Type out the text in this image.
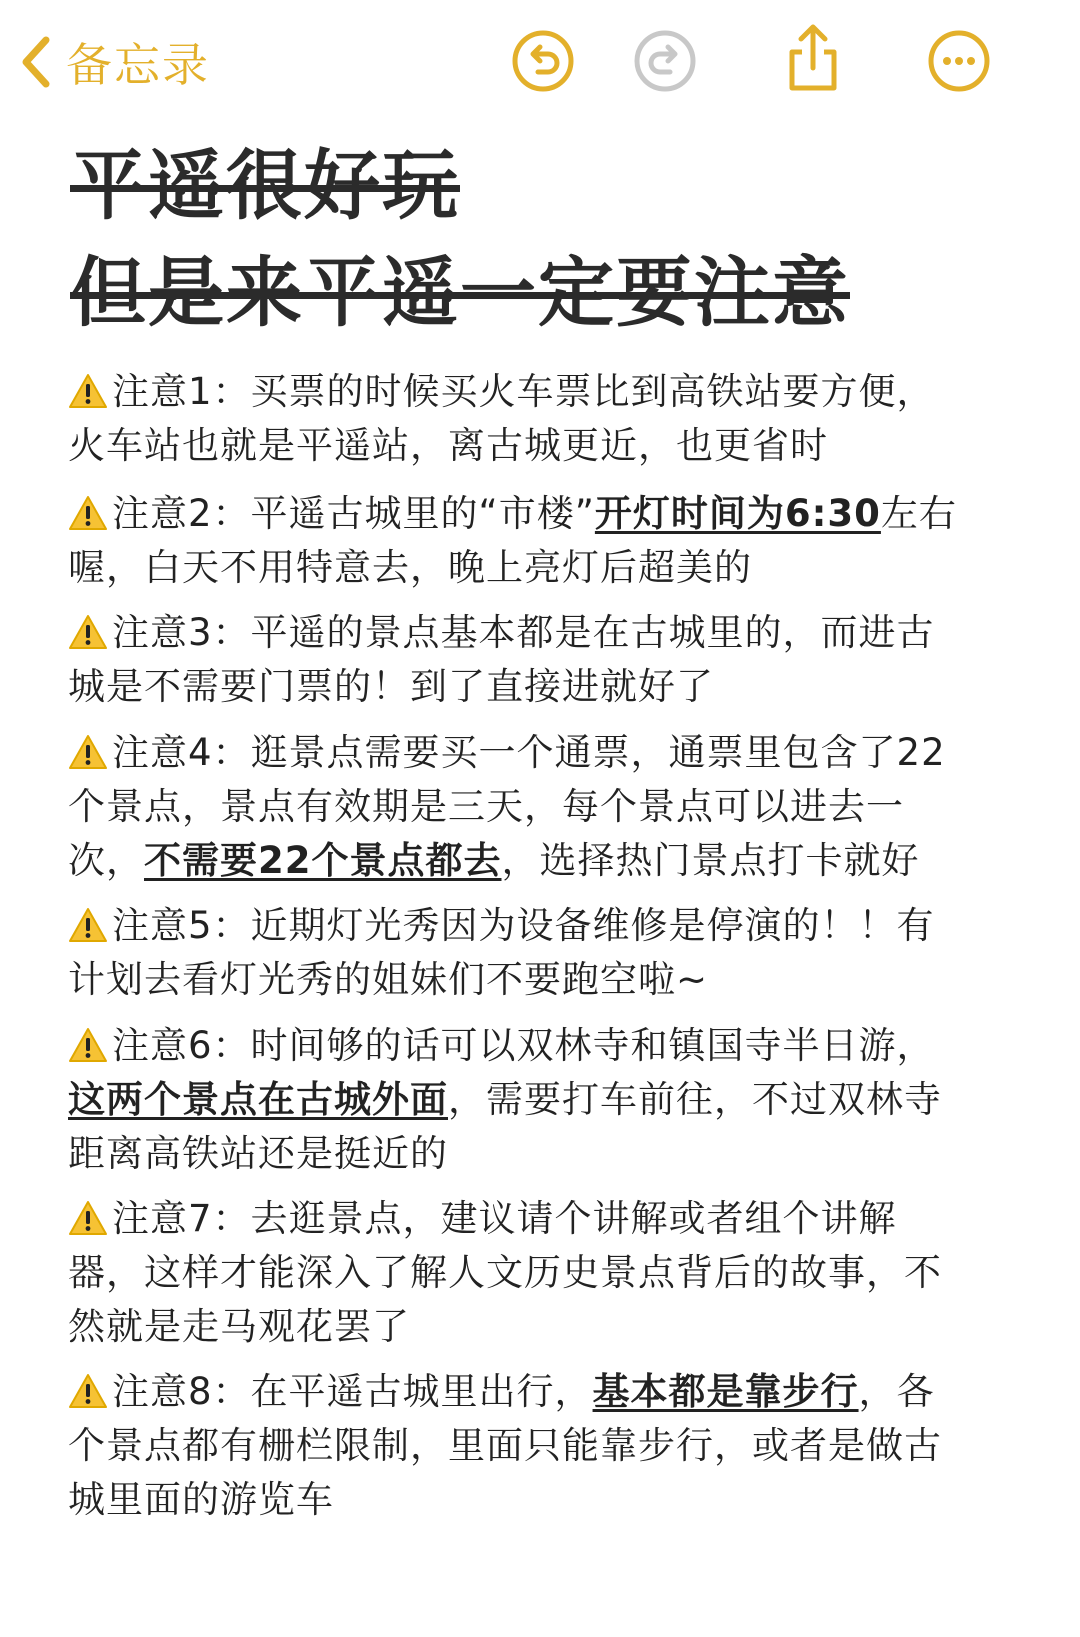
备忘录
平遥很好玩
但是来平遥一定要注意
注意1：买票的时候买火车票比到高铁站要方便，火车站也就是平遥站，离古城更近，也更省时
注意2：平遥古城里的“市楼”开灯时间为6:30左右喔，白天不用特意去，晚上亮灯后超美的
注意3：平遥的景点基本都是在古城里的，而进古城是不需要门票的！到了直接进就好了
注意4：逛景点需要买一个通票，通票里包含了22个景点，景点有效期是三天，每个景点可以进去一次，不需要22个景点都去，选择热门景点打卡就好
注意5：近期灯光秀因为设备维修是停演的！！有计划去看灯光秀的姐妹们不要跑空啦~
注意6：时间够的话可以双林寺和镇国寺半日游，这两个景点在古城外面，需要打车前往，不过双林寺距离高铁站还是挺近的
注意7：去逛景点，建议请个讲解或者组个讲解器，这样才能深入了解人文历史景点背后的故事，不然就是走马观花罢了
注意8：在平遥古城里出行，基本都是靠步行，各个景点都有栅栏限制，里面只能靠步行，或者是做古城里面的游览车
